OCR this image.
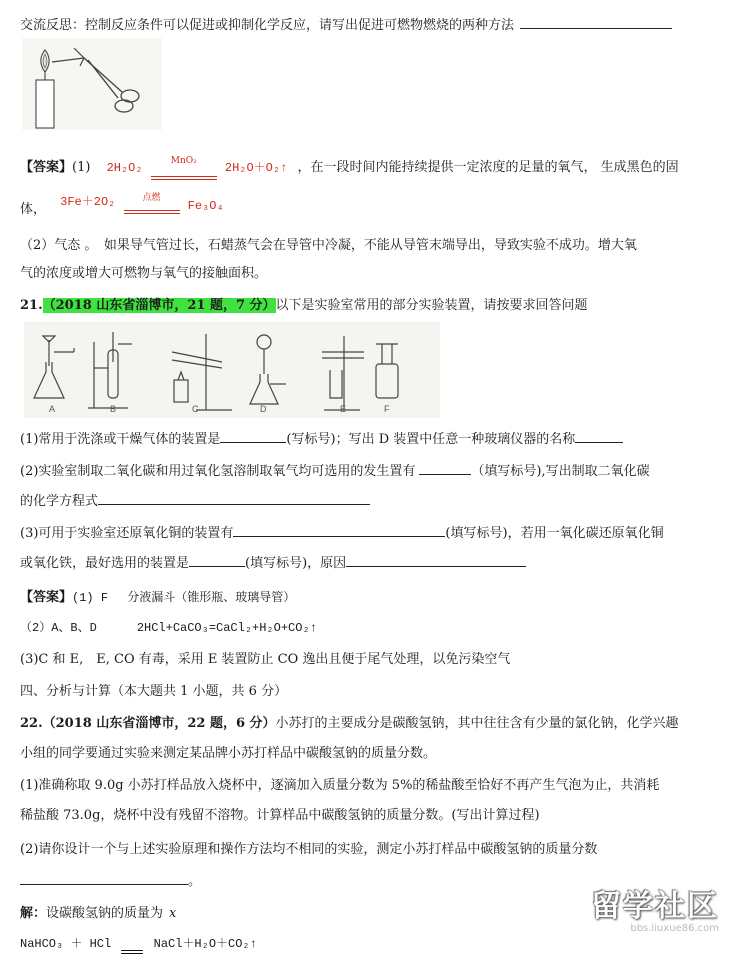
交流反思：控制反应条件可以促进或抑制化学反应，请写出促进可燃物燃烧的两种方法
【答案】(1) 2H₂O₂
MnO₂
2H₂O＋O₂↑ ，在一段时间内能持续提供一定浓度的足量的氧气， 生成黑色的固
体， 3Fe＋2O₂	点燃
Fe₃O₄
（2）气态 。　如果导气管过长，石蜡蒸气会在导管中冷凝，不能从导管末端导出，导致实验不成功。增大氧
气的浓度或增大可燃物与氧气的接触面积。
21.（2018 山东省淄博市，21 题，7 分）以下是实验室常用的部分实验装置，请按要求回答问题
A	B	C	D	E	F
(1)常用于洗涤或干燥气体的装置是	(写标号)；写出 D 装置中任意一种玻璃仪器的名称
(2)实验室制取二氧化碳和用过氧化氢溶制取氧气均可选用的发生置有	（填写标号),写出制取二氧化碳
的化学方程式
(3)可用于实验室还原氧化铜的装置有	(填写标号)，若用一氧化碳还原氧化铜
或氧化铁，最好选用的装置是	(填写标号)，原因
【答案】(1) F　 分液漏斗（锥形瓶、玻璃导管）
（2）A、B、D	2HCl+CaCO₃=CaCl₂+H₂O+CO₂↑
(3)C 和 E,　E, CO 有毒，采用 E 装置防止 CO 逸出且便于尾气处理，以免污染空气
四、分析与计算（本大题共 1 小题，共 6 分）
22.（2018 山东省淄博市，22 题，6 分）小苏打的主要成分是碳酸氢钠，其中往往含有少量的氯化钠，化学兴趣
小组的同学要通过实验来测定某品牌小苏打样品中碳酸氢钠的质量分数。
(1)准确称取 9.0g 小苏打样品放入烧杯中，逐滴加入质量分数为 5%的稀盐酸至恰好不再产生气泡为止，共消耗
稀盐酸 73.0g，烧杯中没有残留不溶物。计算样品中碳酸氢钠的质量分数。(写出计算过程)
(2)请你设计一个与上述实验原理和操作方法均不相同的实验，测定小苏打样品中碳酸氢钠的质量分数
。
解：设碳酸氢钠的质量为 x
NaHCO₃ ＋ HCl	NaCl＋H₂O＋CO₂↑
留学社区
bbs.liuxue86.com
